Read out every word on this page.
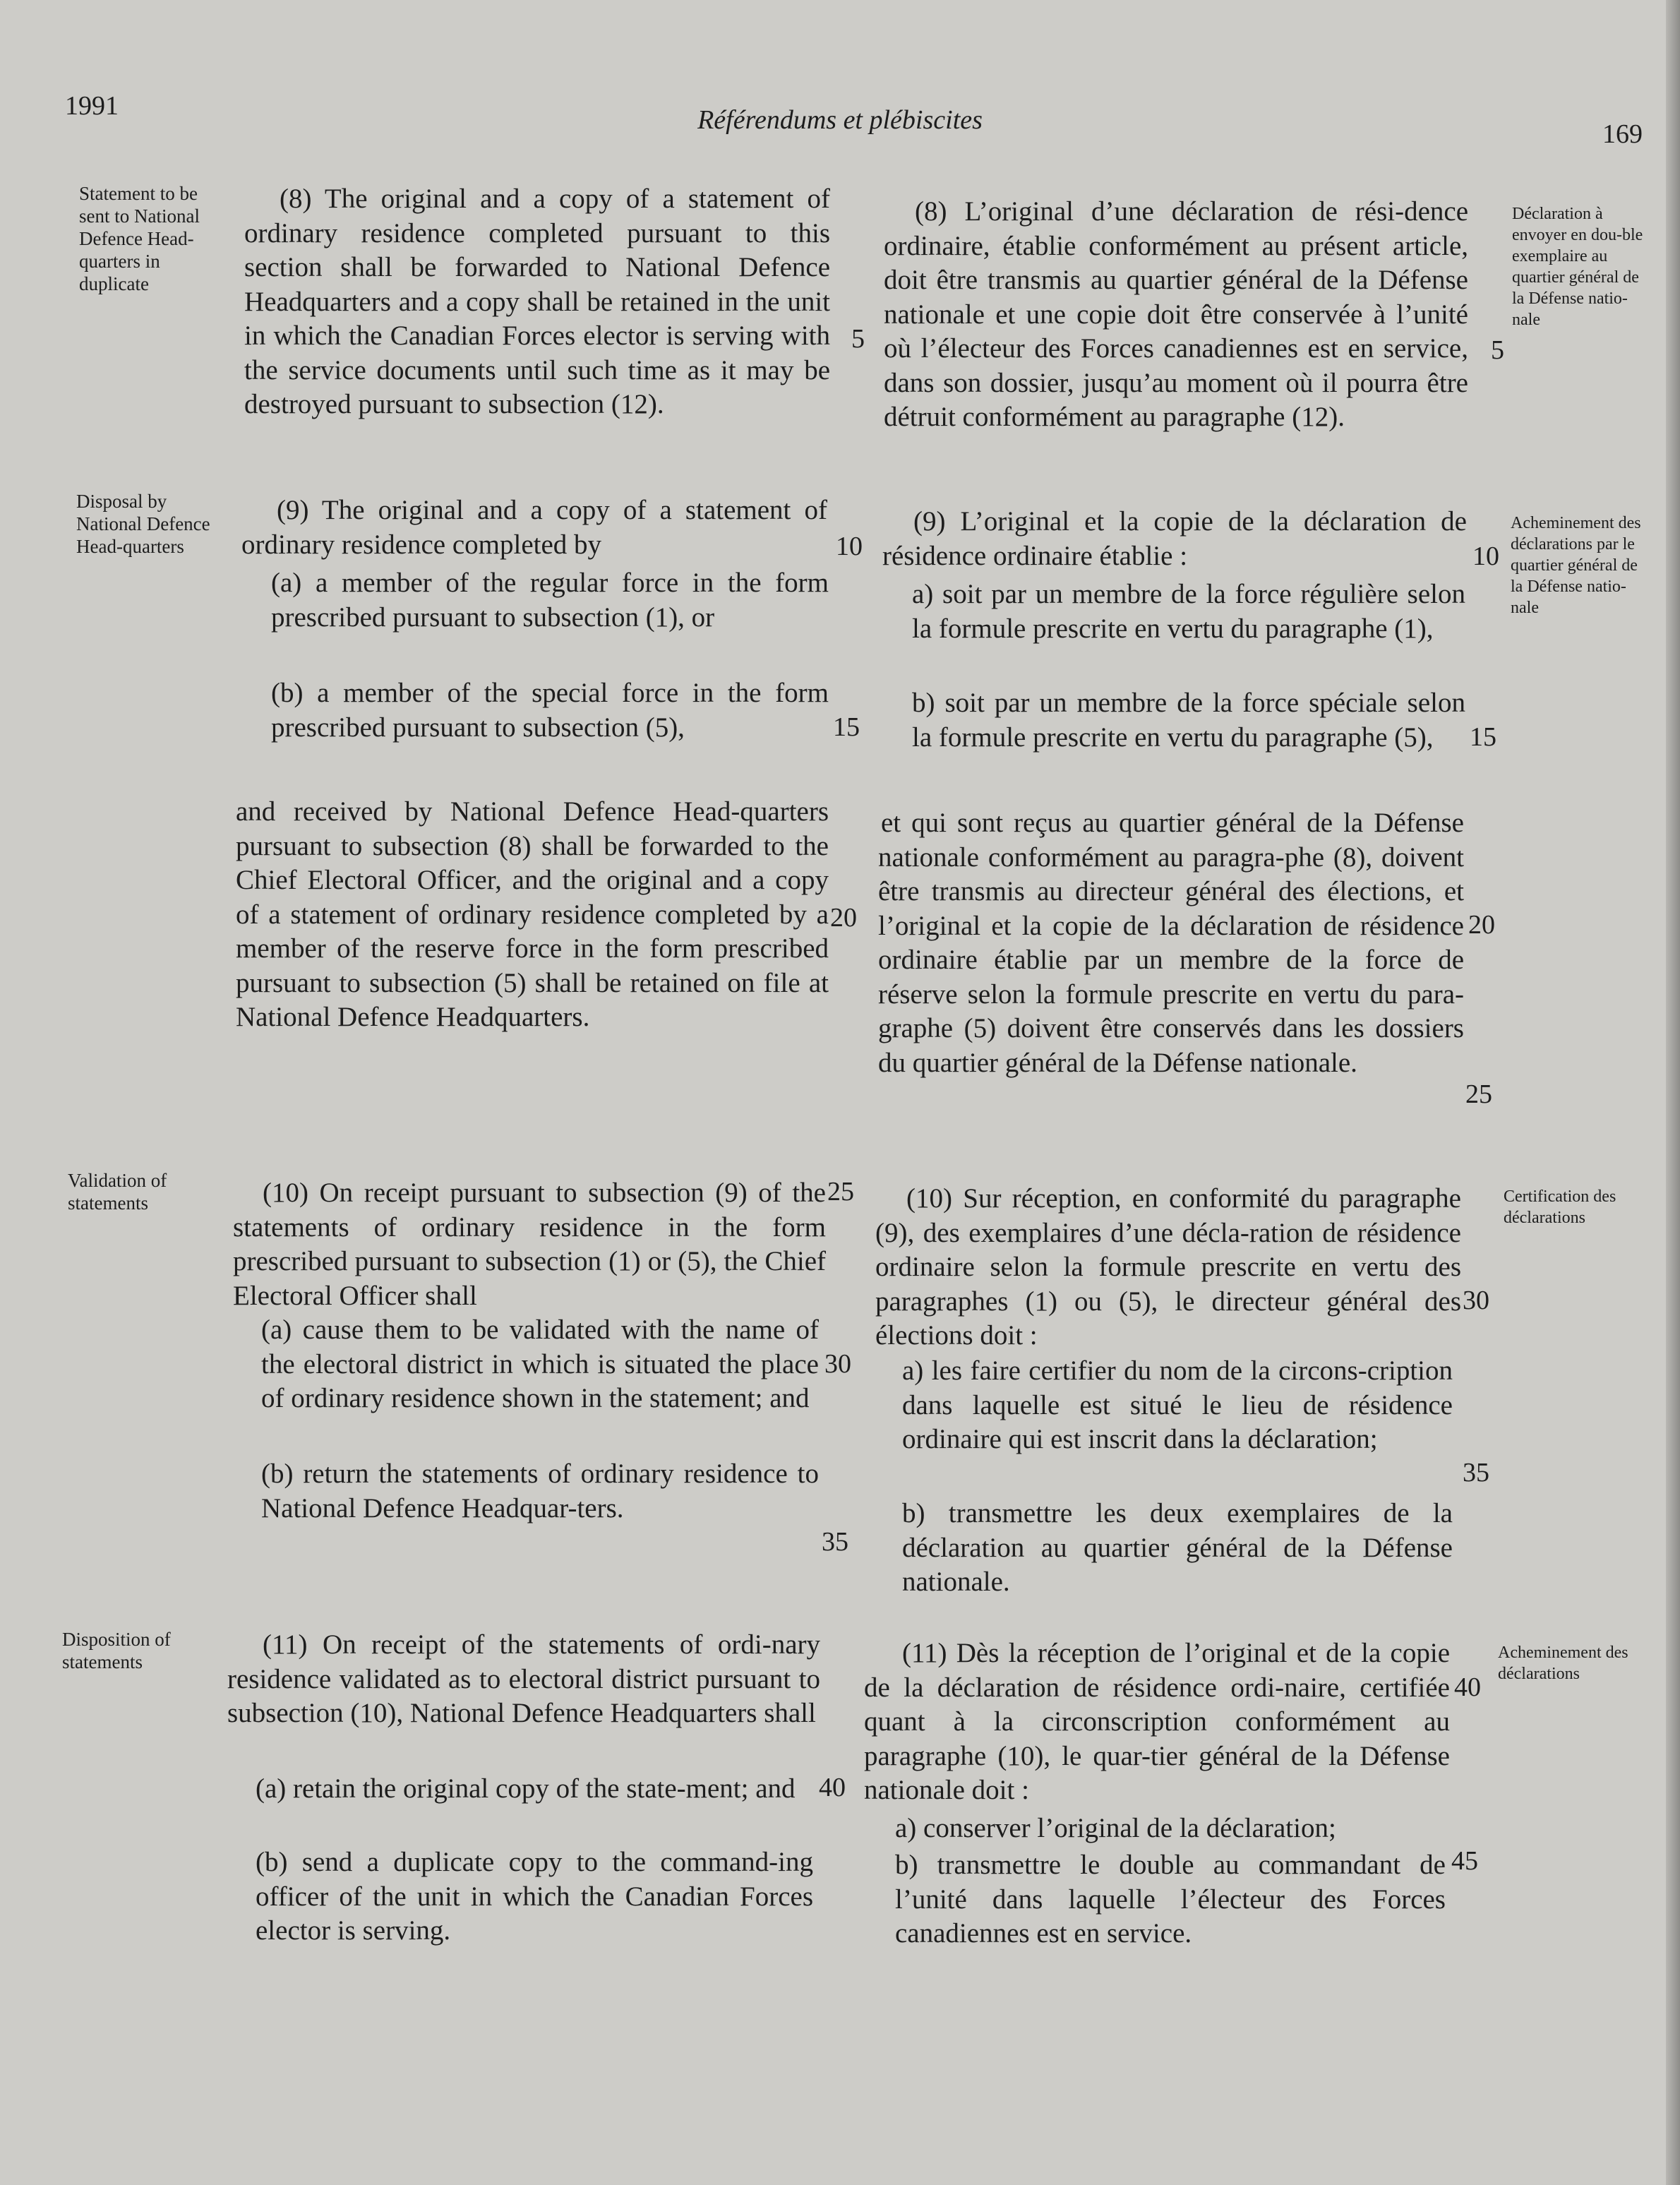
1991	Référendums et plébiscites	169
Statement to be sent to National Defence Head-quarters in duplicate
Disposal by National Defence Head-quarters
Validation of statements
Disposition of statements
(8) The original and a copy of a statement of ordinary residence completed pursuant to this section shall be forwarded to National Defence Headquarters and a copy shall be retained in the unit in which the Canadian Forces elector is serving with the service documents until such time as it may be destroyed pursuant to subsection (12).
(9) The original and a copy of a statement of ordinary residence completed by
(a) a member of the regular force in the form prescribed pursuant to subsection (1), or
(b) a member of the special force in the form prescribed pursuant to subsection (5),
and received by National Defence Head-quarters pursuant to subsection (8) shall be forwarded to the Chief Electoral Officer, and the original and a copy of a statement of ordinary residence completed by a member of the reserve force in the form prescribed pursuant to subsection (5) shall be retained on file at National Defence Headquarters.
(10) On receipt pursuant to subsection (9) of the statements of ordinary residence in the form prescribed pursuant to subsection (1) or (5), the Chief Electoral Officer shall
(a) cause them to be validated with the name of the electoral district in which is situated the place of ordinary residence shown in the statement; and
(b) return the statements of ordinary residence to National Defence Headquar-ters.
(11) On receipt of the statements of ordi-nary residence validated as to electoral district pursuant to subsection (10), National Defence Headquarters shall
(a) retain the original copy of the state-ment; and
(b) send a duplicate copy to the command-ing officer of the unit in which the Canadian Forces elector is serving.
5
10
15
20
25
30
35
40
(8) L’original d’une déclaration de rési-dence ordinaire, établie conformément au présent article, doit être transmis au quartier général de la Défense nationale et une copie doit être conservée à l’unité où l’électeur des Forces canadiennes est en service, dans son dossier, jusqu’au moment où il pourra être détruit conformément au paragraphe (12).
(9) L’original et la copie de la déclaration de résidence ordinaire établie :
a) soit par un membre de la force régulière selon la formule prescrite en vertu du paragraphe (1),
b) soit par un membre de la force spéciale selon la formule prescrite en vertu du paragraphe (5),
et qui sont reçus au quartier général de la Défense nationale conformément au paragra-phe (8), doivent être transmis au directeur général des élections, et l’original et la copie de la déclaration de résidence ordinaire établie par un membre de la force de réserve selon la formule prescrite en vertu du para-graphe (5) doivent être conservés dans les dossiers du quartier général de la Défense nationale.
(10) Sur réception, en conformité du paragraphe (9), des exemplaires d’une décla-ration de résidence ordinaire selon la formule prescrite en vertu des paragraphes (1) ou (5), le directeur général des élections doit :
a) les faire certifier du nom de la circons-cription dans laquelle est situé le lieu de résidence ordinaire qui est inscrit dans la déclaration;
b) transmettre les deux exemplaires de la déclaration au quartier général de la Défense nationale.
(11) Dès la réception de l’original et de la copie de la déclaration de résidence ordi-naire, certifiée quant à la circonscription conformément au paragraphe (10), le quar-tier général de la Défense nationale doit :
a) conserver l’original de la déclaration;
b) transmettre le double au commandant de l’unité dans laquelle l’électeur des Forces canadiennes est en service.
5
10
15
20
25
30
35
40
45
Déclaration à envoyer en dou-ble exemplaire au quartier général de la Défense natio-nale
Acheminement des déclarations par le quartier général de la Défense natio-nale
Certification des déclarations
Acheminement des déclarations
